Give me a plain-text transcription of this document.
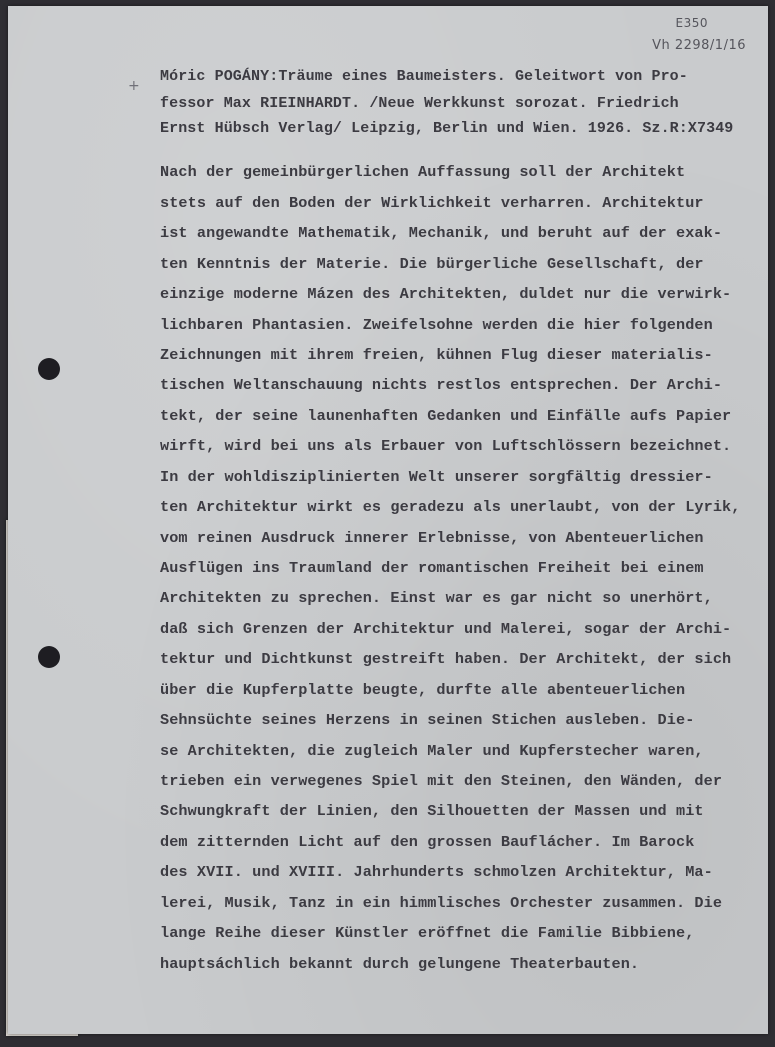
E350
Vh 2298/1/16
+
Móric POGÁNY:Träume eines Baumeisters. Geleitwort von Pro-
fessor Max RIEINHARDT. /Neue Werkkunst sorozat. Friedrich
Ernst Hübsch Verlag/ Leipzig, Berlin und Wien. 1926. Sz.R:X7349
Nach der gemeinbürgerlichen Auffassung soll der Architekt
stets auf den Boden der Wirklichkeit verharren. Architektur
ist angewandte Mathematik, Mechanik, und beruht auf der exak-
ten Kenntnis der Materie. Die bürgerliche Gesellschaft, der
einzige moderne Mázen des Architekten, duldet nur die verwirk-
lichbaren Phantasien. Zweifelsohne werden die hier folgenden
Zeichnungen mit ihrem freien, kühnen Flug dieser materialis-
tischen Weltanschauung nichts restlos entsprechen. Der Archi-
tekt, der seine launenhaften Gedanken und Einfälle aufs Papier
wirft, wird bei uns als Erbauer von Luftschlössern bezeichnet.
In der wohldisziplinierten Welt unserer sorgfältig dressier-
ten Architektur wirkt es geradezu als unerlaubt, von der Lyrik,
vom reinen Ausdruck innerer Erlebnisse, von Abenteuerlichen
Ausflügen ins Traumland der romantischen Freiheit bei einem
Architekten zu sprechen. Einst war es gar nicht so unerhört,
daß sich Grenzen der Architektur und Malerei, sogar der Archi-
tektur und Dichtkunst gestreift haben. Der Architekt, der sich
über die Kupferplatte beugte, durfte alle abenteuerlichen
Sehnsüchte seines Herzens in seinen Stichen ausleben. Die-
se Architekten, die zugleich Maler und Kupferstecher waren,
trieben ein verwegenes Spiel mit den Steinen, den Wänden, der
Schwungkraft der Linien, den Silhouetten der Massen und mit
dem zitternden Licht auf den grossen Bauflácher. Im Barock
des XVII. und XVIII. Jahrhunderts schmolzen Architektur, Ma-
lerei, Musik, Tanz in ein himmlisches Orchester zusammen. Die
lange Reihe dieser Künstler eröffnet die Familie Bibbiene,
hauptsáchlich bekannt durch gelungene Theaterbauten.
